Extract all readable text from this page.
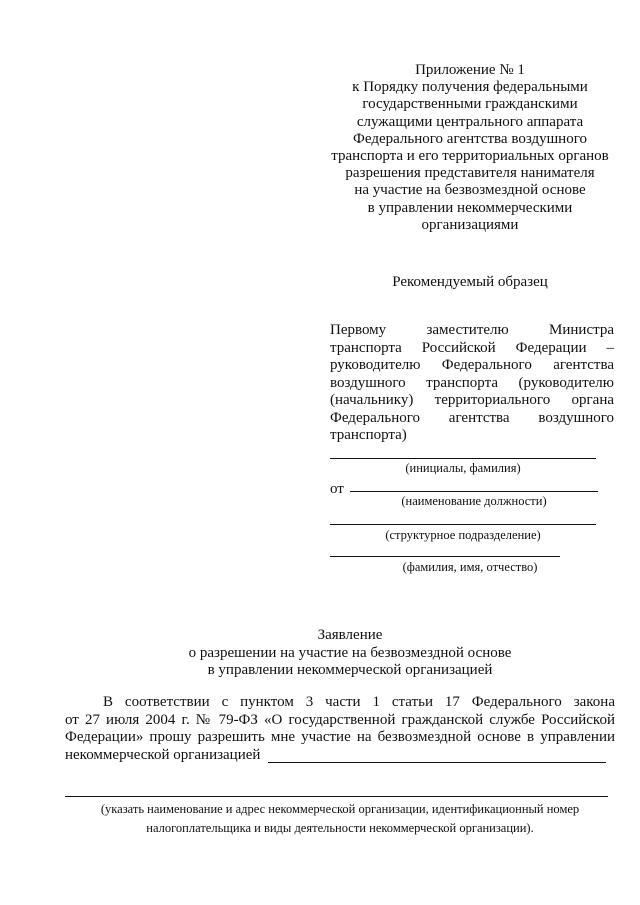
Приложение № 1
к Порядку получения федеральными
государственными гражданскими
служащими центрального аппарата
Федерального агентства воздушного
транспорта и его территориальных органов
разрешения представителя нанимателя
на участие на безвозмездной основе
в управлении некоммерческими
организациями
Рекомендуемый образец
Первому заместителю Министра
транспорта Российской Федерации –
руководителю Федерального агентства
воздушного транспорта (руководителю
(начальнику) территориального органа
Федерального агентства воздушного
транспорта)
(инициалы, фамилия)
от
(наименование должности)
(структурное подразделение)
(фамилия, имя, отчество)
Заявление
о разрешении на участие на безвозмездной основе
в управлении некоммерческой организацией
В соответствии с пунктом 3 части 1 статьи 17 Федерального закона
от 27 июля 2004 г. № 79-ФЗ «О государственной гражданской службе Российской
Федерации» прошу разрешить мне участие на безвозмездной основе в управлении
некоммерческой организацией
(указать наименование и адрес некоммерческой организации, идентификационный номер
налогоплательщика и виды деятельности некоммерческой организации).
